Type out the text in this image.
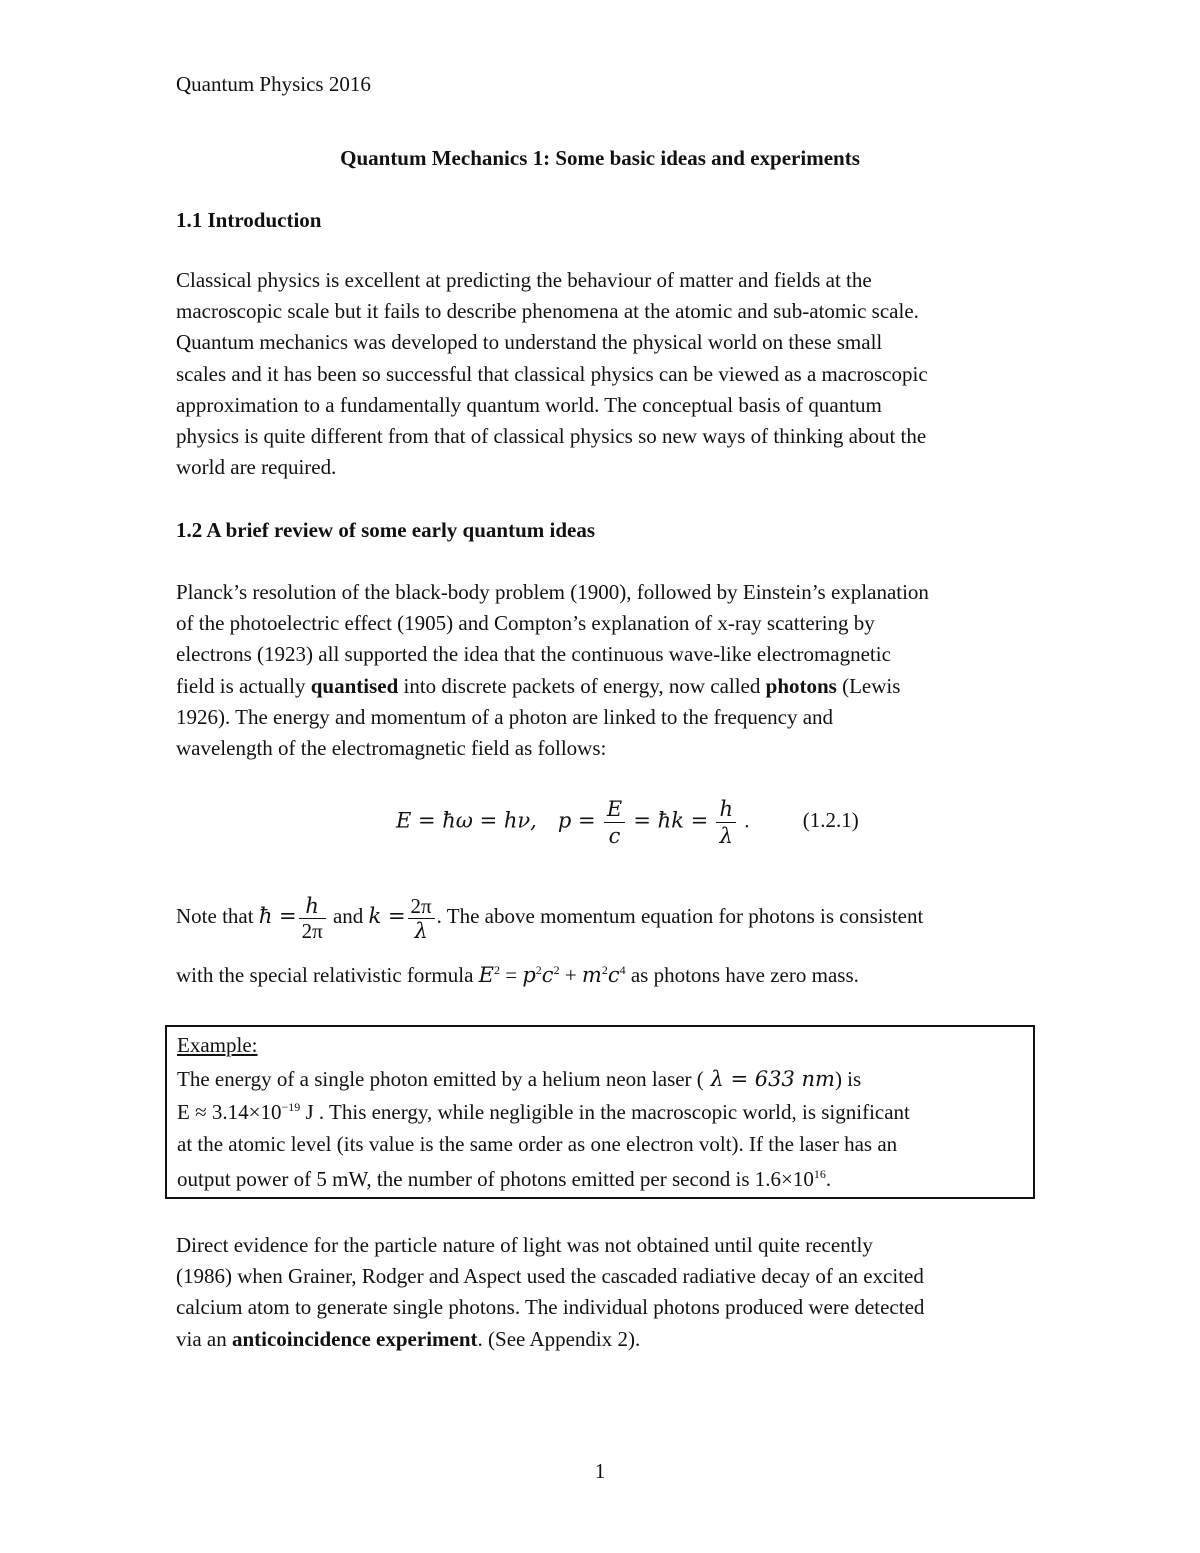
Quantum Physics 2016
Quantum Mechanics 1: Some basic ideas and experiments
1.1 Introduction
Classical physics is excellent at predicting the behaviour of matter and fields at the
macroscopic scale but it fails to describe phenomena at the atomic and sub-atomic scale.
Quantum mechanics was developed to understand the physical world on these small
scales and it has been so successful that classical physics can be viewed as a macroscopic
approximation to a fundamentally quantum world. The conceptual basis of quantum
physics is quite different from that of classical physics so new ways of thinking about the
world are required.
1.2 A brief review of some early quantum ideas
Planck’s resolution of the black-body problem (1900), followed by Einstein’s explanation
of the photoelectric effect (1905) and Compton’s explanation of x-ray scattering by
electrons (1923) all supported the idea that the continuous wave-like electromagnetic
field is actually quantised into discrete packets of energy, now called photons (Lewis
1926). The energy and momentum of a photon are linked to the frequency and
wavelength of the electromagnetic field as follows:
E = ħω = hν, $p = \frac{E}{c}$ = ħk = $\frac{h}{\lambda}$ .	(1.2.1)
Note that ħ = $\frac{h}{2\pi}$ and $k = \frac{2\pi}{\lambda}$ . The above momentum equation for photons is consistent
with the special relativistic formula $E^2 = p^2c^2 + m^2c^4$ as photons have zero mass.
Example:
The energy of a single photon emitted by a helium neon laser ( λ = 633 nm) is
$E \approx 3.14\times 10^{-19}$ J . This energy, while negligible in the macroscopic world, is significant
at the atomic level (its value is the same order as one electron volt). If the laser has an
output power of 5 mW, the number of photons emitted per second is $1.6\times 10^{16}$.
Direct evidence for the particle nature of light was not obtained until quite recently
(1986) when Grainer, Rodger and Aspect used the cascaded radiative decay of an excited
calcium atom to generate single photons. The individual photons produced were detected
via an anticoincidence experiment. (See Appendix 2).
1
